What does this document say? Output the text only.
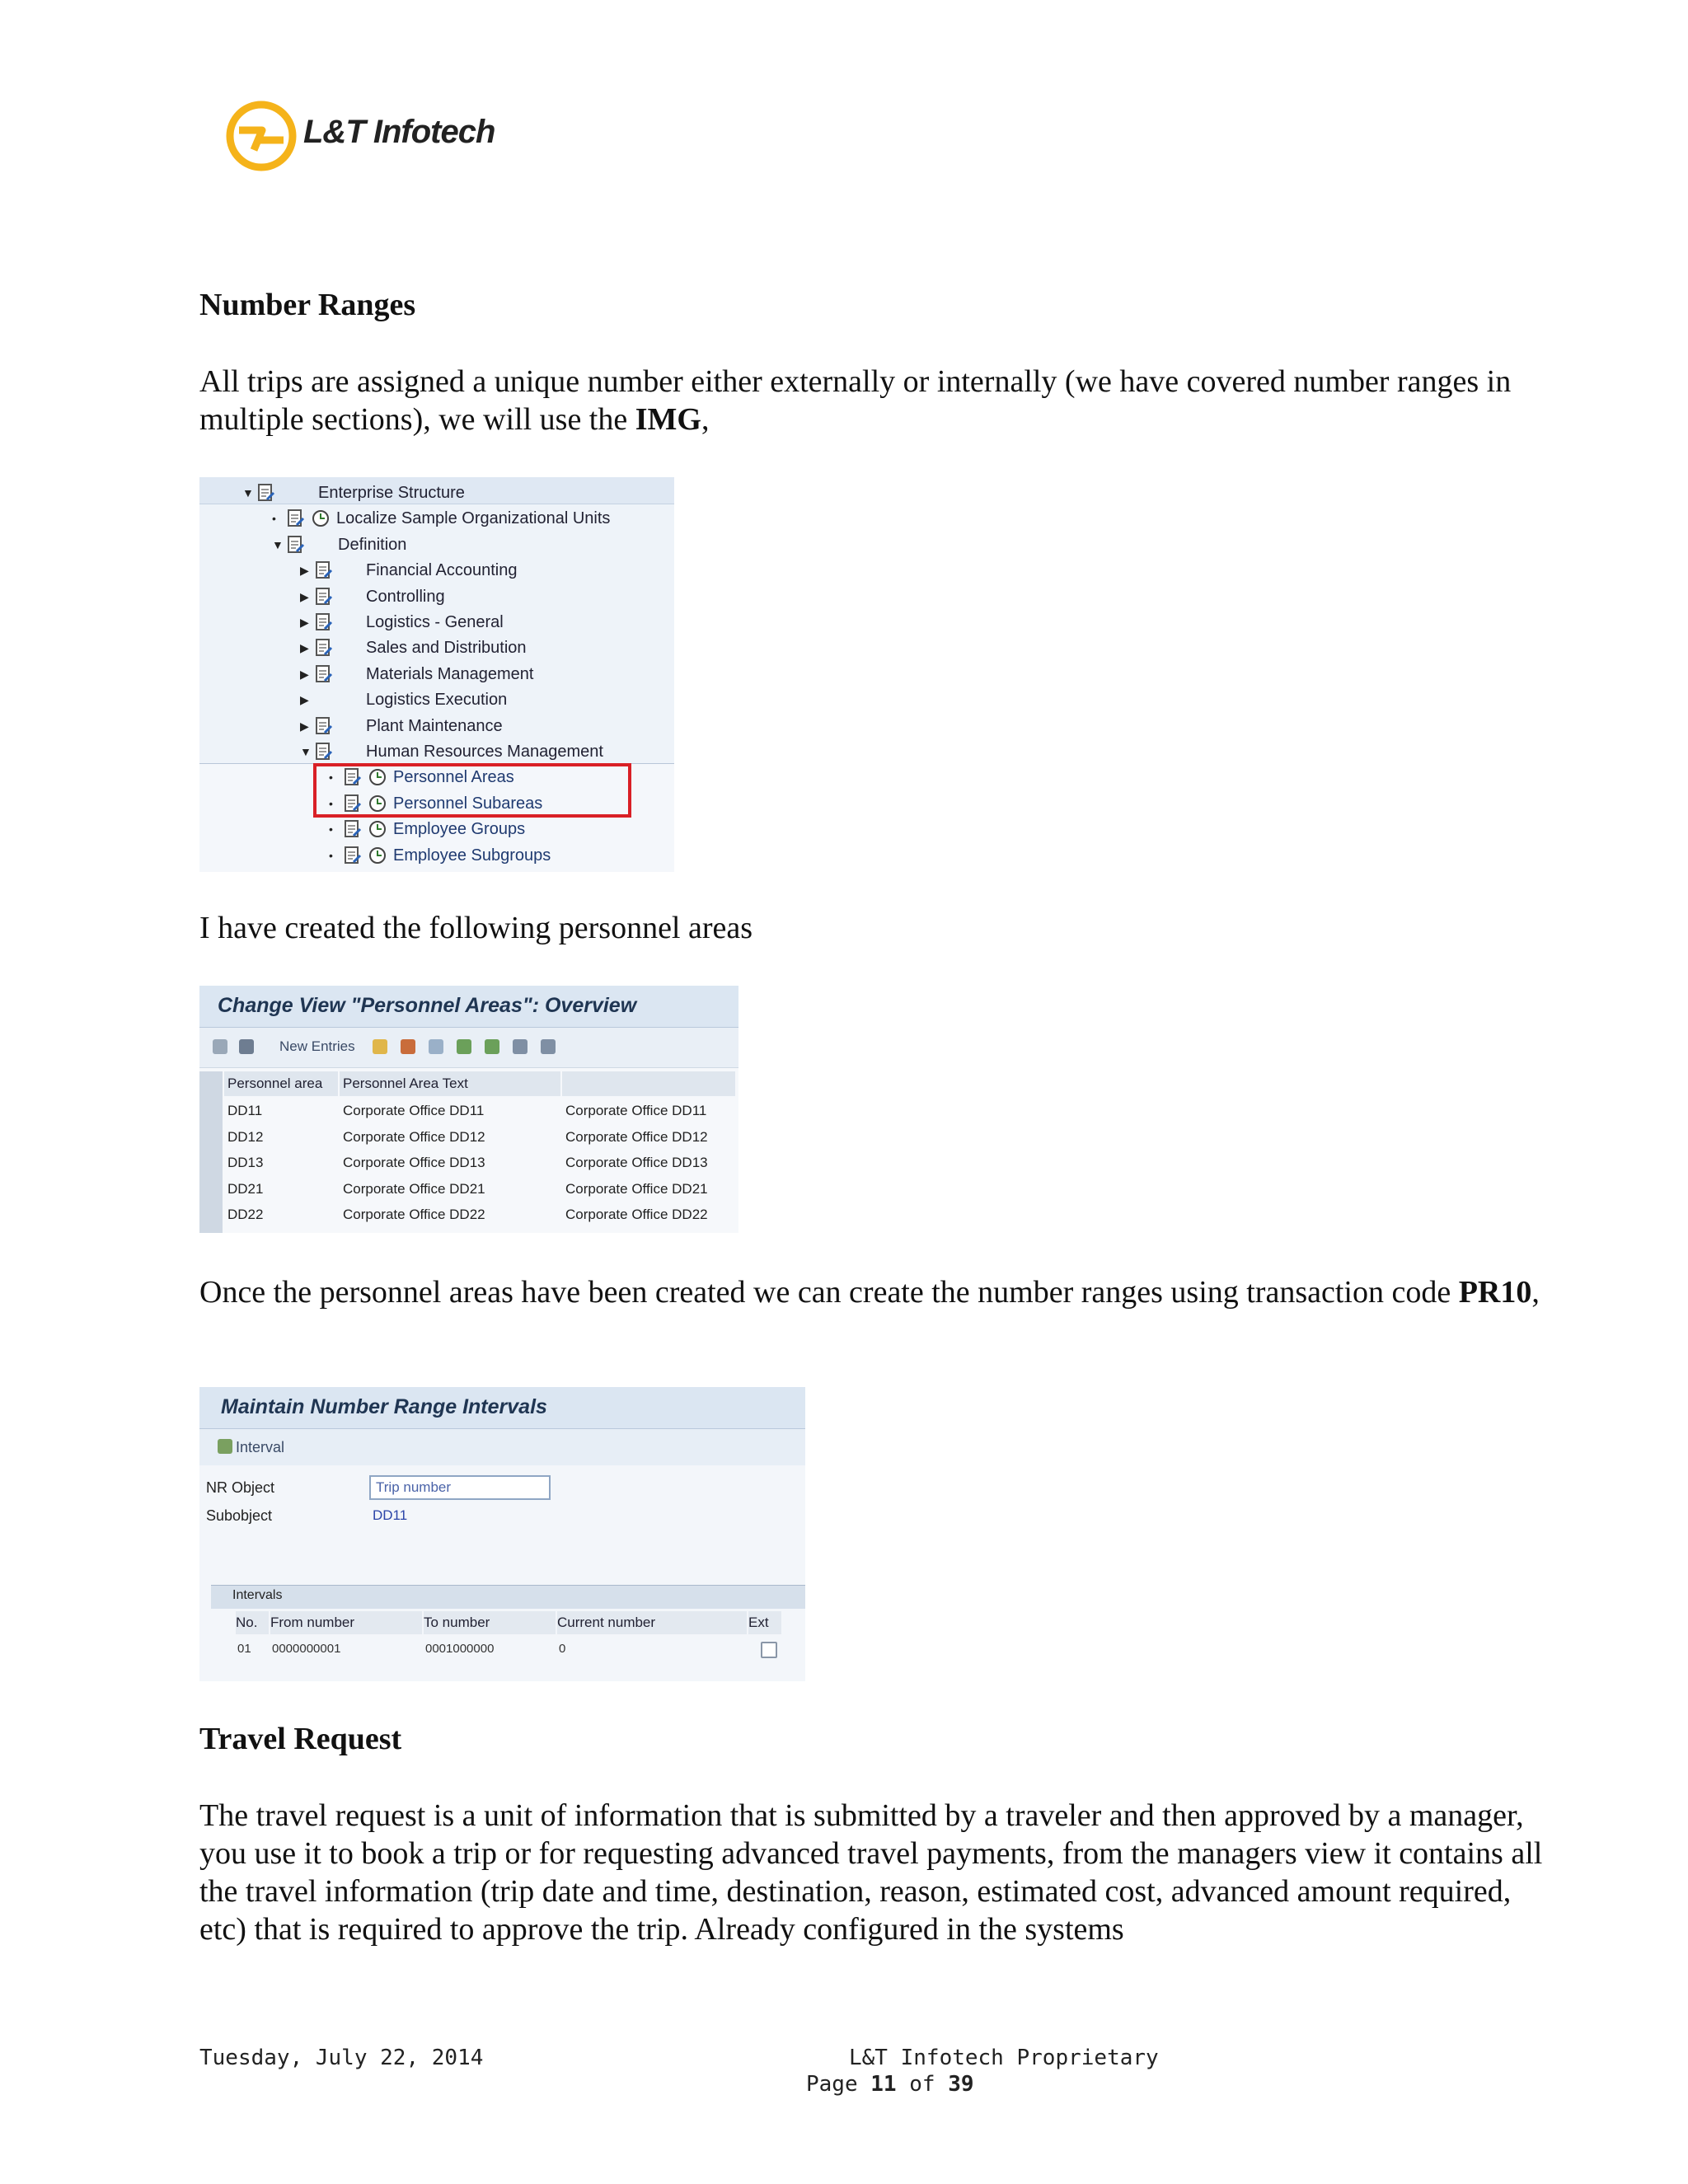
L&T Infotech
Number Ranges
All trips are assigned a unique number either externally or internally (we have covered number ranges in multiple sections), we will use the IMG,
▼	Enterprise Structure
•	Localize Sample Organizational Units
▼	Definition
▶	Financial Accounting
▶	Controlling
▶	Logistics - General
▶	Sales and Distribution
▶	Materials Management
▶	Logistics Execution
▶	Plant Maintenance
▼	Human Resources Management
•	Personnel Areas
•	Personnel Subareas
•	Employee Groups
•	Employee Subgroups
I have created the following personnel areas
Change View "Personnel Areas": Overview
New Entries
Personnel area	Personnel Area Text
DD11	Corporate Office DD11	Corporate Office DD11
DD12	Corporate Office DD12	Corporate Office DD12
DD13	Corporate Office DD13	Corporate Office DD13
DD21	Corporate Office DD21	Corporate Office DD21
DD22	Corporate Office DD22	Corporate Office DD22
Once the personnel areas have been created we can create the number ranges using transaction code PR10,
Maintain Number Range Intervals
Interval
NR Object	Trip number
Subobject	DD11
Intervals
No. From number	To number	Current number	Ext
01 0000000001	0001000000	0
Travel Request
The travel request is a unit of information that is submitted by a traveler and then approved by a manager, you use it to book a trip or for requesting advanced travel payments, from the managers view it contains all the travel information (trip date and time, destination, reason, estimated cost, advanced amount required, etc) that is required to approve the trip. Already configured in the systems
Tuesday, July 22, 2014	L&T Infotech Proprietary
Page 11 of 39
